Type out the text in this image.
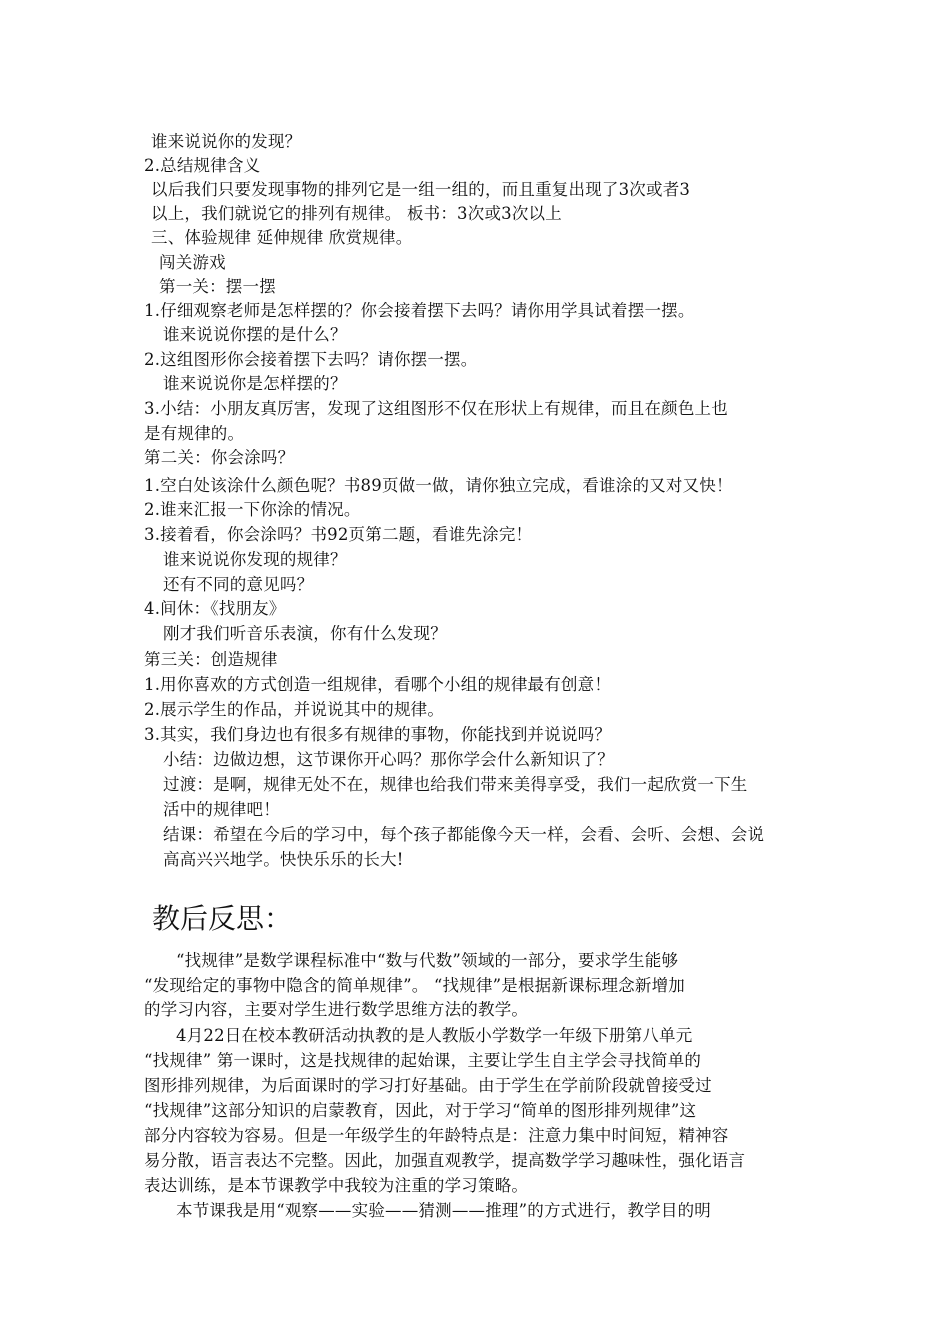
谁来说说你的发现？
2.总结规律含义
以后我们只要发现事物的排列它是一组一组的，而且重复出现了3次或者3
以上，我们就说它的排列有规律。 板书：3次或3次以上
三、体验规律 延伸规律 欣赏规律。
闯关游戏
第一关：摆一摆
1.仔细观察老师是怎样摆的？你会接着摆下去吗？请你用学具试着摆一摆。
谁来说说你摆的是什么？
2.这组图形你会接着摆下去吗？请你摆一摆。
谁来说说你是怎样摆的？
3.小结：小朋友真厉害，发现了这组图形不仅在形状上有规律，而且在颜色上也
是有规律的。
第二关：你会涂吗？
1.空白处该涂什么颜色呢？书89页做一做，请你独立完成，看谁涂的又对又快！
2.谁来汇报一下你涂的情况。
3.接着看，你会涂吗？书92页第二题，看谁先涂完！
谁来说说你发现的规律？
还有不同的意见吗？
4.间休：《找朋友》
刚才我们听音乐表演，你有什么发现？
第三关：创造规律
1.用你喜欢的方式创造一组规律，看哪个小组的规律最有创意！
2.展示学生的作品，并说说其中的规律。
3.其实，我们身边也有很多有规律的事物，你能找到并说说吗？
小结：边做边想，这节课你开心吗？那你学会什么新知识了？
过渡：是啊，规律无处不在，规律也给我们带来美得享受，我们一起欣赏一下生
活中的规律吧！
结课：希望在今后的学习中，每个孩子都能像今天一样，会看、会听、会想、会说
高高兴兴地学。快快乐乐的长大!
教后反思：
“找规律”是数学课程标准中“数与代数”领域的一部分，要求学生能够
“发现给定的事物中隐含的简单规律”。 “找规律”是根据新课标理念新增加
的学习内容，主要对学生进行数学思维方法的教学。
4月22日在校本教研活动执教的是人教版小学数学一年级下册第八单元
“找规律” 第一课时，这是找规律的起始课，主要让学生自主学会寻找简单的
图形排列规律，为后面课时的学习打好基础。由于学生在学前阶段就曾接受过
“找规律”这部分知识的启蒙教育，因此，对于学习“简单的图形排列规律”这
部分内容较为容易。但是一年级学生的年龄特点是：注意力集中时间短，精神容
易分散，语言表达不完整。因此，加强直观教学，提高数学学习趣味性，强化语言
表达训练，是本节课教学中我较为注重的学习策略。
本节课我是用“观察——实验——猜测——推理”的方式进行，教学目的明
